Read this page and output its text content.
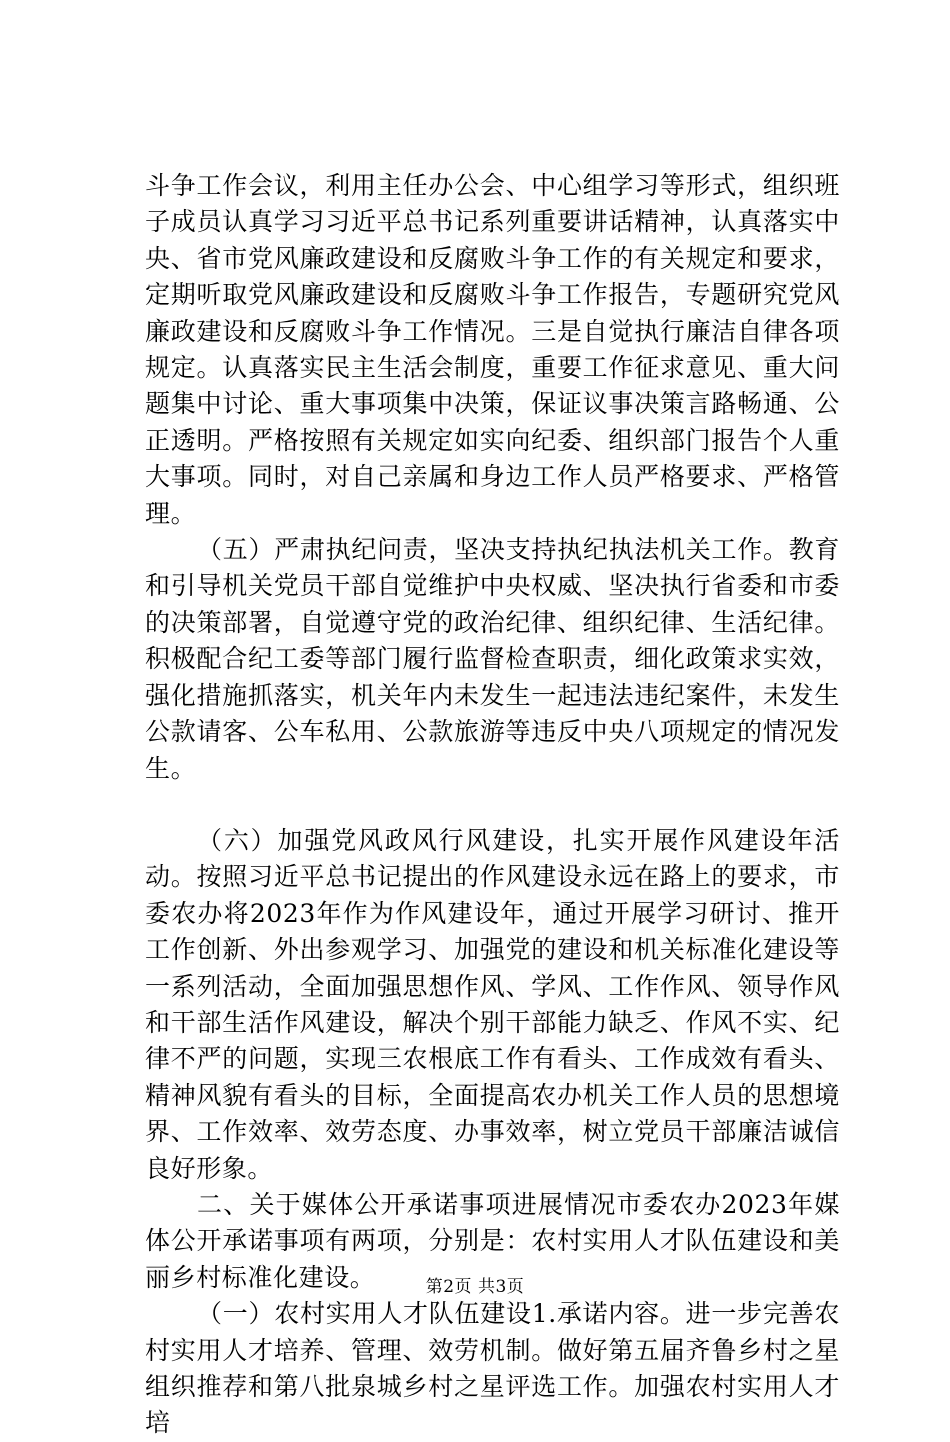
斗争工作会议，利用主任办公会、中心组学习等形式，组织班子成员认真学习习近平总书记系列重要讲话精神，认真落实中央、省市党风廉政建设和反腐败斗争工作的有关规定和要求，定期听取党风廉政建设和反腐败斗争工作报告，专题研究党风廉政建设和反腐败斗争工作情况。三是自觉执行廉洁自律各项规定。认真落实民主生活会制度，重要工作征求意见、重大问题集中讨论、重大事项集中决策，保证议事决策言路畅通、公正透明。严格按照有关规定如实向纪委、组织部门报告个人重大事项。同时，对自己亲属和身边工作人员严格要求、严格管理。

（五）严肃执纪问责，坚决支持执纪执法机关工作。教育和引导机关党员干部自觉维护中央权威、坚决执行省委和市委的决策部署，自觉遵守党的政治纪律、组织纪律、生活纪律。积极配合纪工委等部门履行监督检查职责，细化政策求实效，强化措施抓落实，机关年内未发生一起违法违纪案件，未发生公款请客、公车私用、公款旅游等违反中央八项规定的情况发生。

（六）加强党风政风行风建设，扎实开展作风建设年活动。按照习近平总书记提出的作风建设永远在路上的要求，市委农办将2023年作为作风建设年，通过开展学习研讨、推开工作创新、外出参观学习、加强党的建设和机关标准化建设等一系列活动，全面加强思想作风、学风、工作作风、领导作风和干部生活作风建设，解决个别干部能力缺乏、作风不实、纪律不严的问题，实现三农根底工作有看头、工作成效有看头、精神风貌有看头的目标，全面提高农办机关工作人员的思想境界、工作效率、效劳态度、办事效率，树立党员干部廉洁诚信良好形象。

二、关于媒体公开承诺事项进展情况市委农办2023年媒体公开承诺事项有两项，分别是：农村实用人才队伍建设和美丽乡村标准化建设。

（一）农村实用人才队伍建设1.承诺内容。进一步完善农村实用人才培养、管理、效劳机制。做好第五届齐鲁乡村之星组织推荐和第八批泉城乡村之星评选工作。加强农村实用人才培

第2页 共3页
